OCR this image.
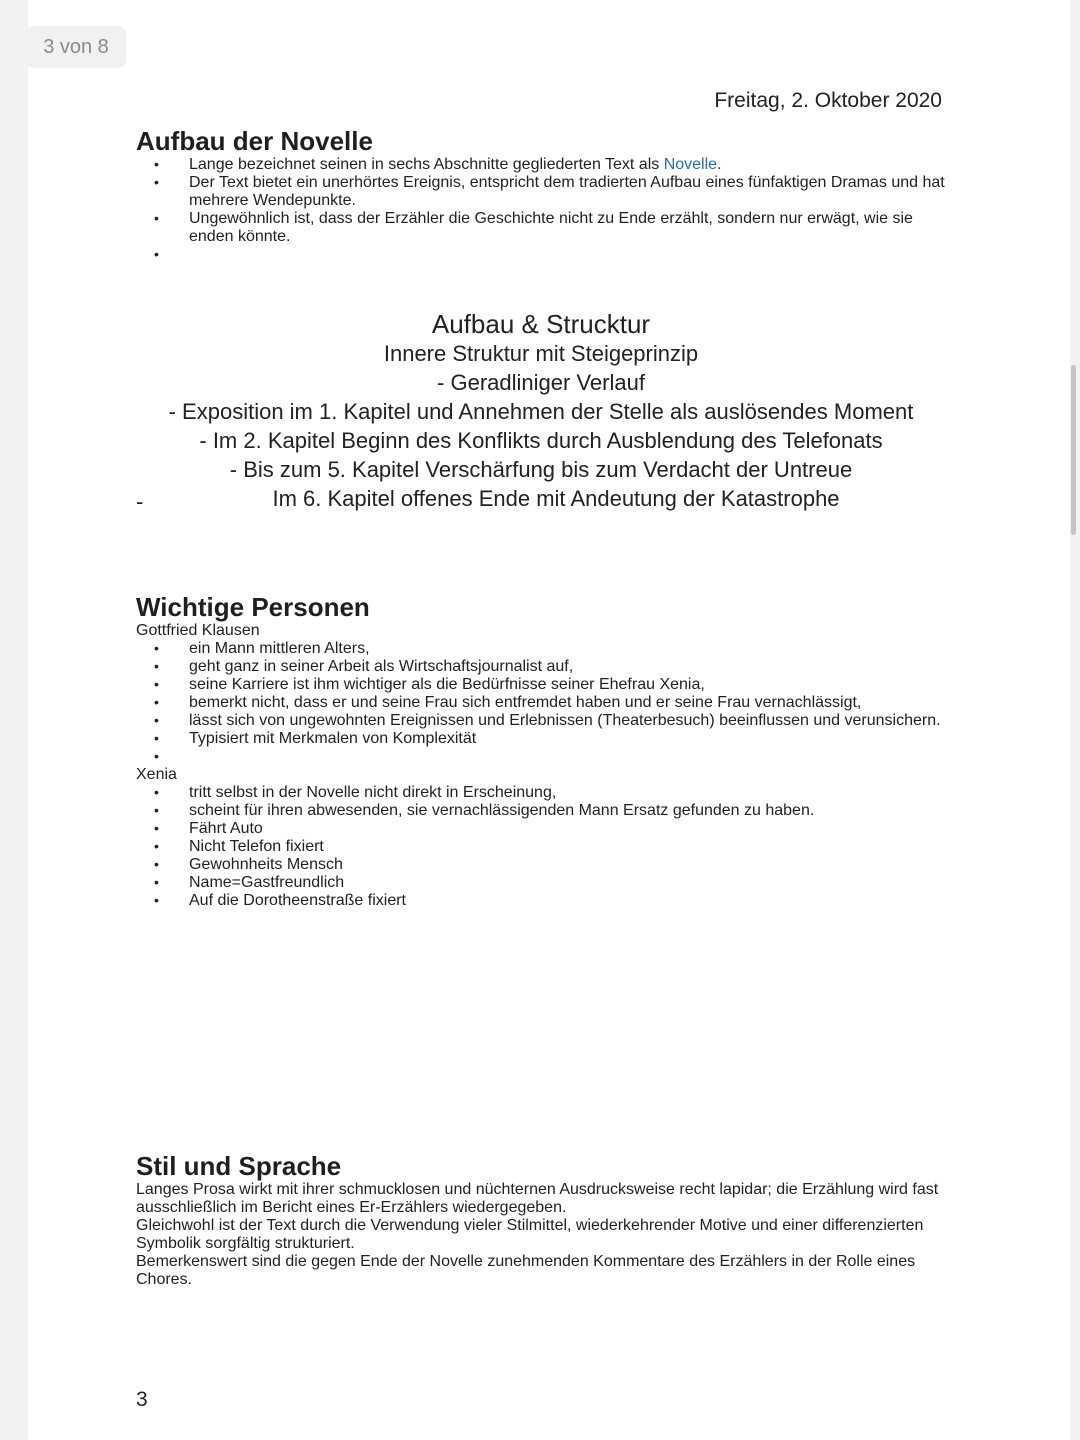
3 von 8
Freitag, 2. Oktober 2020
Aufbau der Novelle
• Lange bezeichnet seinen in sechs Abschnitte gegliederten Text als Novelle.
• Der Text bietet ein unerhörtes Ereignis, entspricht dem tradierten Aufbau eines fünfaktigen Dramas und hat mehrere Wendepunkte.
• Ungewöhnlich ist, dass der Erzähler die Geschichte nicht zu Ende erzählt, sondern nur erwägt, wie sie enden könnte.
•
Aufbau & Strucktur
Innere Struktur mit Steigeprinzip
- Geradliniger Verlauf
- Exposition im 1. Kapitel und Annehmen der Stelle als auslösendes Moment
- Im 2. Kapitel Beginn des Konflikts durch Ausblendung des Telefonats
- Bis zum 5. Kapitel Verschärfung bis zum Verdacht der Untreue
Im 6. Kapitel offenes Ende mit Andeutung der Katastrophe
-
Wichtige Personen
Gottfried Klausen
• ein Mann mittleren Alters,
• geht ganz in seiner Arbeit als Wirtschaftsjournalist auf,
• seine Karriere ist ihm wichtiger als die Bedürfnisse seiner Ehefrau Xenia,
• bemerkt nicht, dass er und seine Frau sich entfremdet haben und er seine Frau vernachlässigt,
• lässt sich von ungewohnten Ereignissen und Erlebnissen (Theaterbesuch) beeinflussen und verunsichern.
• Typisiert mit Merkmalen von Komplexität
•
Xenia
• tritt selbst in der Novelle nicht direkt in Erscheinung,
• scheint für ihren abwesenden, sie vernachlässigenden Mann Ersatz gefunden zu haben.
• Fährt Auto
• Nicht Telefon fixiert
• Gewohnheits Mensch
• Name=Gastfreundlich
• Auf die Dorotheenstraße fixiert
Stil und Sprache
Langes Prosa wirkt mit ihrer schmucklosen und nüchternen Ausdrucksweise recht lapidar; die Erzählung wird fast ausschließlich im Bericht eines Er-Erzählers wiedergegeben.
Gleichwohl ist der Text durch die Verwendung vieler Stilmittel, wiederkehrender Motive und einer differenzierten Symbolik sorgfältig strukturiert.
Bemerkenswert sind die gegen Ende der Novelle zunehmenden Kommentare des Erzählers in der Rolle eines Chores.
3
